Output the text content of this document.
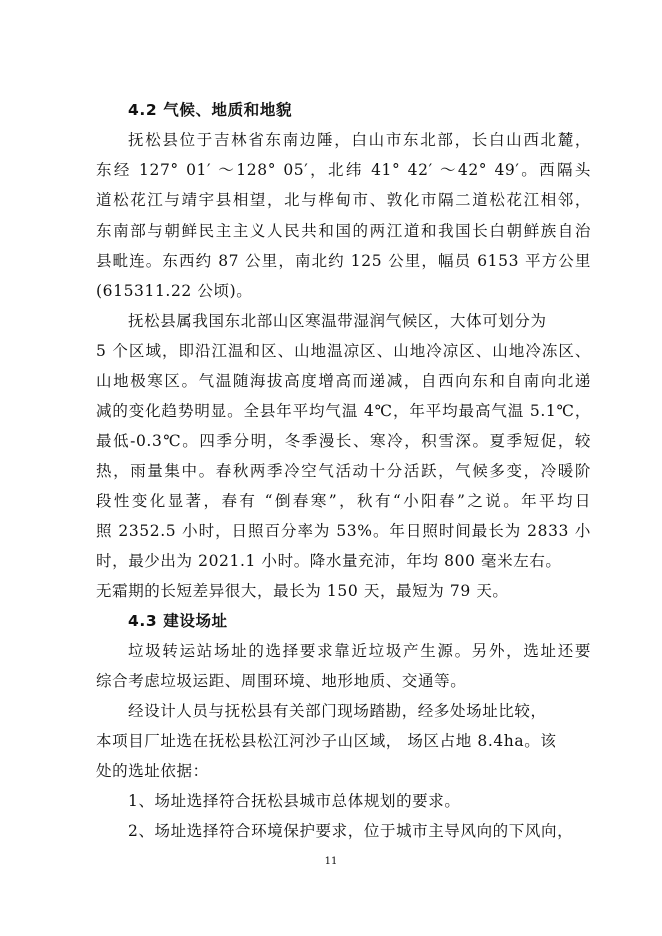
4.2 气候、地质和地貌
抚松县位于吉林省东南边陲，白山市东北部，长白山西北麓，
东经 127° 01′ ～128° 05′，北纬 41° 42′ ～42° 49′。西隔头
道松花江与靖宇县相望，北与桦甸市、敦化市隔二道松花江相邻，
东南部与朝鲜民主主义人民共和国的两江道和我国长白朝鲜族自治
县毗连。东西约 87 公里，南北约 125 公里，幅员 6153 平方公里
(615311.22 公顷)。
抚松县属我国东北部山区寒温带湿润气候区，大体可划分为
5 个区域，即沿江温和区、山地温凉区、山地冷凉区、山地冷冻区、
山地极寒区。气温随海拔高度增高而递减，自西向东和自南向北递
减的变化趋势明显。全县年平均气温 4℃，年平均最高气温 5.1℃，
最低-0.3℃。四季分明，冬季漫长、寒冷，积雪深。夏季短促，较
热，雨量集中。春秋两季冷空气活动十分活跃，气候多变，冷暖阶
段性变化显著，春有 “倒春寒”，秋有“小阳春”之说。年平均日
照 2352.5 小时，日照百分率为 53%。年日照时间最长为 2833 小
时，最少出为 2021.1 小时。降水量充沛，年均 800 毫米左右。
无霜期的长短差异很大，最长为 150 天，最短为 79 天。
4.3 建设场址
垃圾转运站场址的选择要求靠近垃圾产生源。另外，选址还要
综合考虑垃圾运距、周围环境、地形地质、交通等。
经设计人员与抚松县有关部门现场踏勘，经多处场址比较，
本项目厂址选在抚松县松江河沙子山区域， 场区占地 8.4ha。该
处的选址依据：
1、场址选择符合抚松县城市总体规划的要求。
2、场址选择符合环境保护要求，位于城市主导风向的下风向，
11
